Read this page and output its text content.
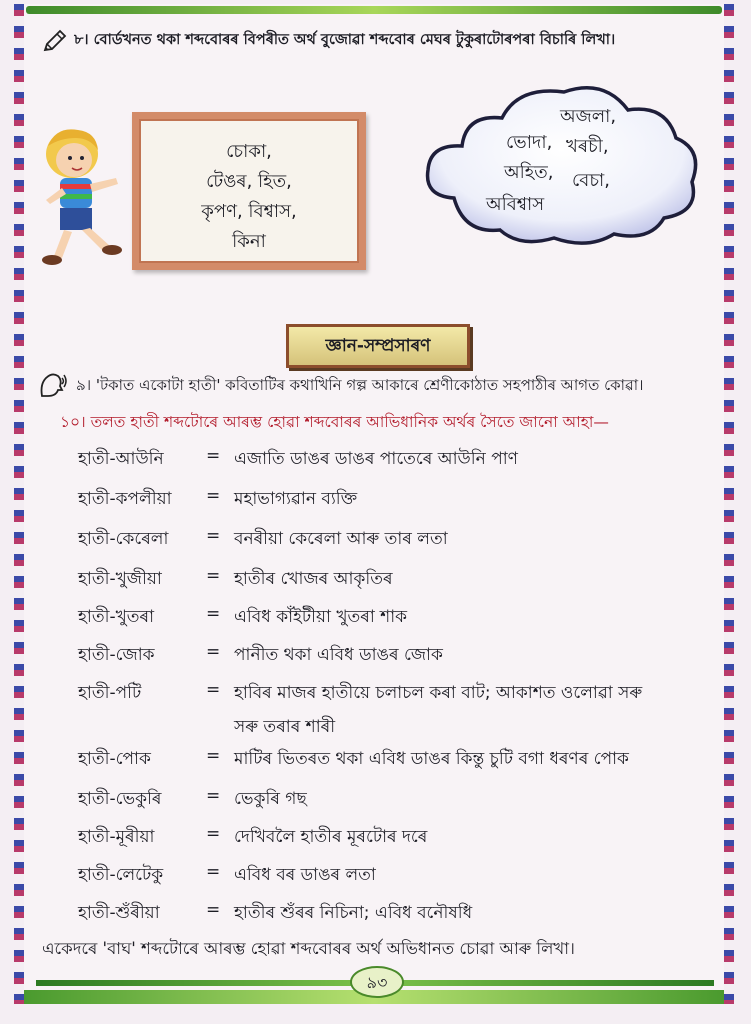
৮। বোৰ্ডখনত থকা শব্দবোৰৰ বিপৰীত অৰ্থ বুজোৱা শব্দবোৰ মেঘৰ টুকুৰাটোৰপৰা বিচাৰি লিখা।
চোকা,
টেঙৰ, হিত,
কৃপণ, বিশ্বাস,
কিনা
অজলা,
ভোদা, খৰচী,
অহিত, বেচা,
অবিশ্বাস
জ্ঞান-সম্প্ৰসাৰণ
৯। 'টকাত একোটা হাতী' কবিতাটিৰ কথাখিনি গল্প আকাৰে শ্ৰেণীকোঠাত সহপাঠীৰ আগত কোৱা।
১০। তলত হাতী শব্দটোৰে আৰম্ভ হোৱা শব্দবোৰৰ আভিধানিক অৰ্থৰ সৈতে জানো আহা—
হাতী-আউনি = এজাতি ডাঙৰ ডাঙৰ পাতেৰে আউনি পাণ
হাতী-কপলীয়া = মহাভাগ্যৱান ব্যক্তি
হাতী-কেৰেলা = বনৰীয়া কেৰেলা আৰু তাৰ লতা
হাতী-খুজীয়া	= হাতীৰ খোজৰ আকৃতিৰ
হাতী-খুতৰা	= এবিধ কাঁইটীয়া খুতৰা শাক
হাতী-জোক	= পানীত থকা এবিধ ডাঙৰ জোক
হাতী-পটি	= হাবিৰ মাজৰ হাতীয়ে চলাচল কৰা বাট; আকাশত ওলোৱা সৰু
সৰু তৰাৰ শাৰী
হাতী-পোক	= মাটিৰ ভিতৰত থকা এবিধ ডাঙৰ কিন্তু চুটি বগা ধৰণৰ পোক
হাতী-ভেকুৰি	= ভেকুৰি গছ
হাতী-মূৰীয়া	= দেখিবলৈ হাতীৰ মূৰটোৰ দৰে
হাতী-লেটেকু	= এবিধ বৰ ডাঙৰ লতা
হাতী-শুঁৰীয়া	= হাতীৰ শুঁৰৰ নিচিনা; এবিধ বনৌষধি
একেদৰে 'বাঘ' শব্দটোৰে আৰম্ভ হোৱা শব্দবোৰৰ অৰ্থ অভিধানত চোৱা আৰু লিখা।
৯৩
